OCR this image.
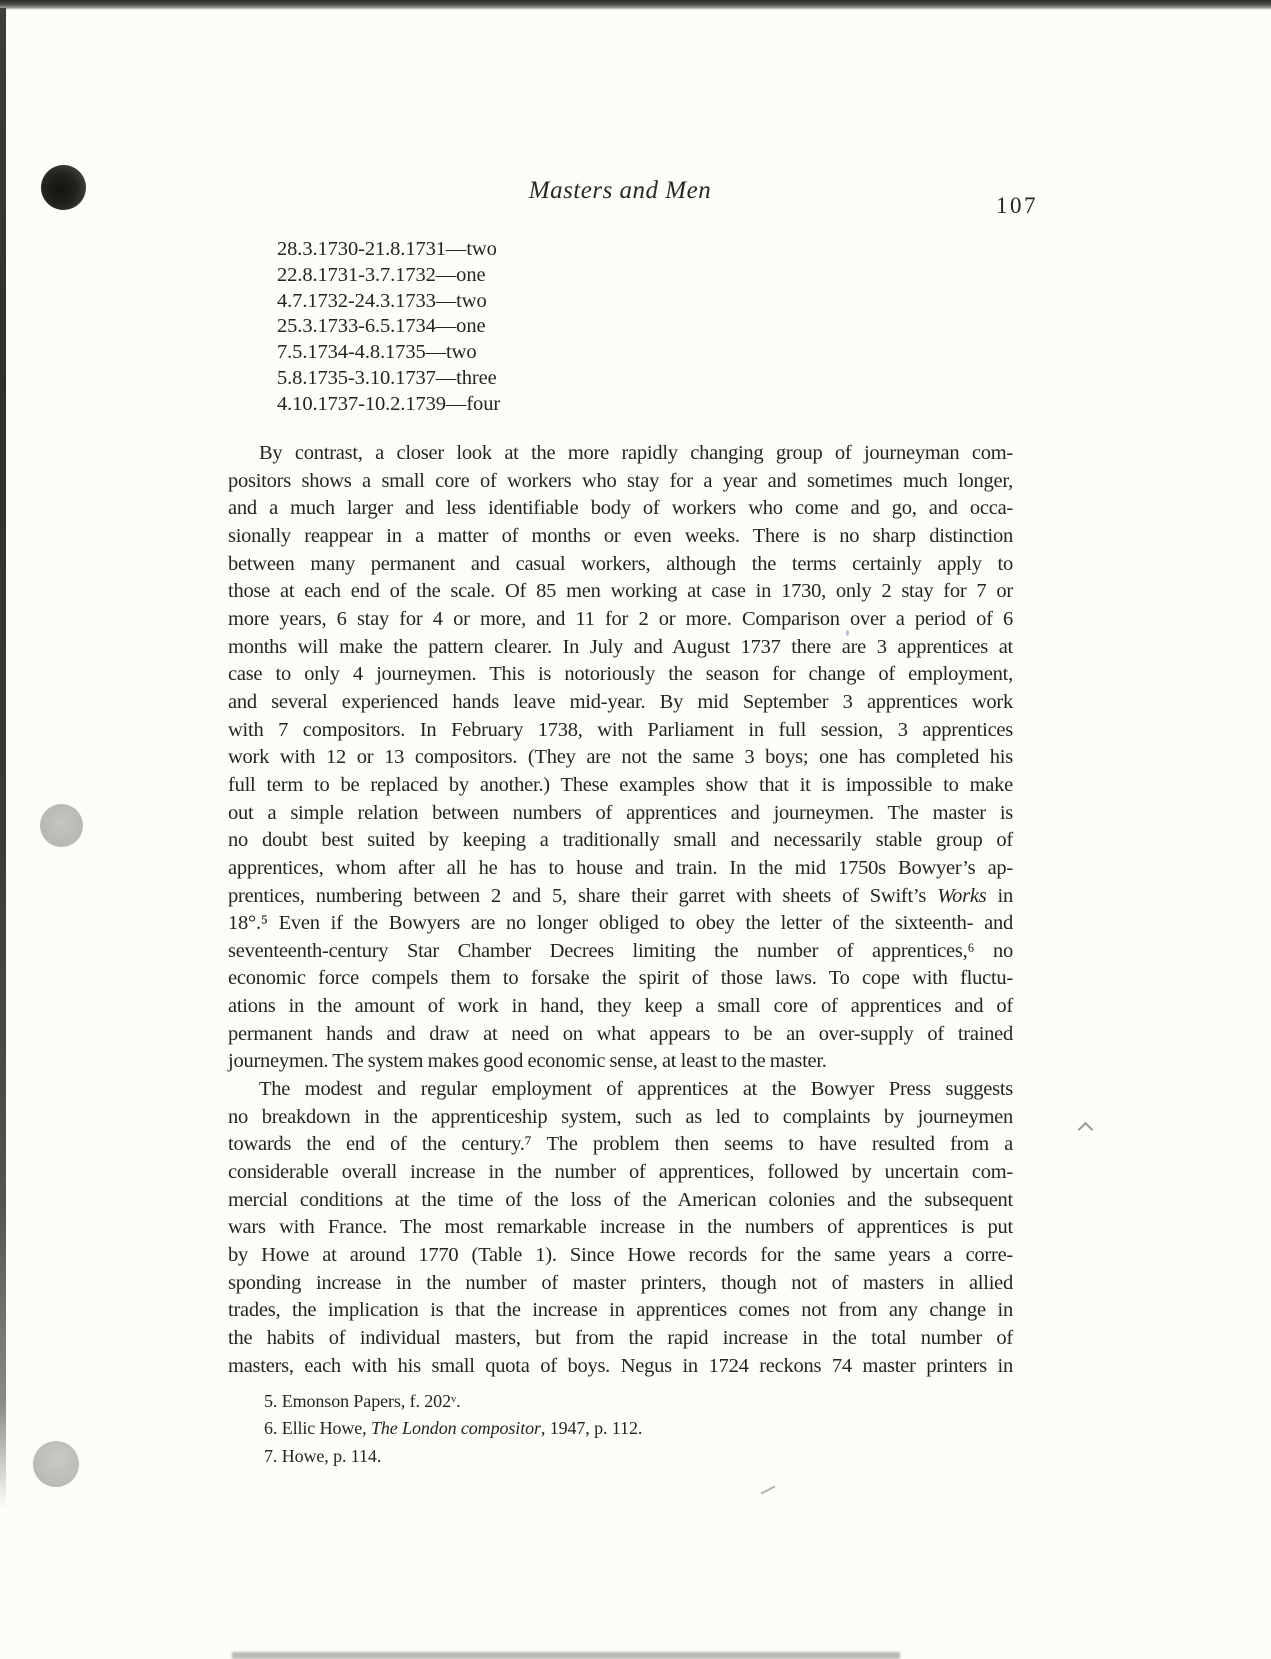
Masters and Men
107
28.3.1730-21.8.1731—two
22.8.1731-3.7.1732—one
4.7.1732-24.3.1733—two
25.3.1733-6.5.1734—one
7.5.1734-4.8.1735—two
5.8.1735-3.10.1737—three
4.10.1737-10.2.1739—four
By contrast, a closer look at the more rapidly changing group of journeyman com-
positors shows a small core of workers who stay for a year and sometimes much longer,
and a much larger and less identifiable body of workers who come and go, and occa-
sionally reappear in a matter of months or even weeks. There is no sharp distinction
between many permanent and casual workers, although the terms certainly apply to
those at each end of the scale. Of 85 men working at case in 1730, only 2 stay for 7 or
more years, 6 stay for 4 or more, and 11 for 2 or more. Comparison over a period of 6
months will make the pattern clearer. In July and August 1737 there are 3 apprentices at
case to only 4 journeymen. This is notoriously the season for change of employment,
and several experienced hands leave mid-year. By mid September 3 apprentices work
with 7 compositors. In February 1738, with Parliament in full session, 3 apprentices
work with 12 or 13 compositors. (They are not the same 3 boys; one has completed his
full term to be replaced by another.) These examples show that it is impossible to make
out a simple relation between numbers of apprentices and journeymen. The master is
no doubt best suited by keeping a traditionally small and necessarily stable group of
apprentices, whom after all he has to house and train. In the mid 1750s Bowyer’s ap-
prentices, numbering between 2 and 5, share their garret with sheets of Swift’s Works in
18°.⁵ Even if the Bowyers are no longer obliged to obey the letter of the sixteenth- and
seventeenth-century Star Chamber Decrees limiting the number of apprentices,⁶ no
economic force compels them to forsake the spirit of those laws. To cope with fluctu-
ations in the amount of work in hand, they keep a small core of apprentices and of
permanent hands and draw at need on what appears to be an over-supply of trained
journeymen. The system makes good economic sense, at least to the master.
The modest and regular employment of apprentices at the Bowyer Press suggests
no breakdown in the apprenticeship system, such as led to complaints by journeymen
towards the end of the century.⁷ The problem then seems to have resulted from a
considerable overall increase in the number of apprentices, followed by uncertain com-
mercial conditions at the time of the loss of the American colonies and the subsequent
wars with France. The most remarkable increase in the numbers of apprentices is put
by Howe at around 1770 (Table 1). Since Howe records for the same years a corre-
sponding increase in the number of master printers, though not of masters in allied
trades, the implication is that the increase in apprentices comes not from any change in
the habits of individual masters, but from the rapid increase in the total number of
masters, each with his small quota of boys. Negus in 1724 reckons 74 master printers in
5. Emonson Papers, f. 202ᵛ.
6. Ellic Howe, The London compositor, 1947, p. 112.
7. Howe, p. 114.
